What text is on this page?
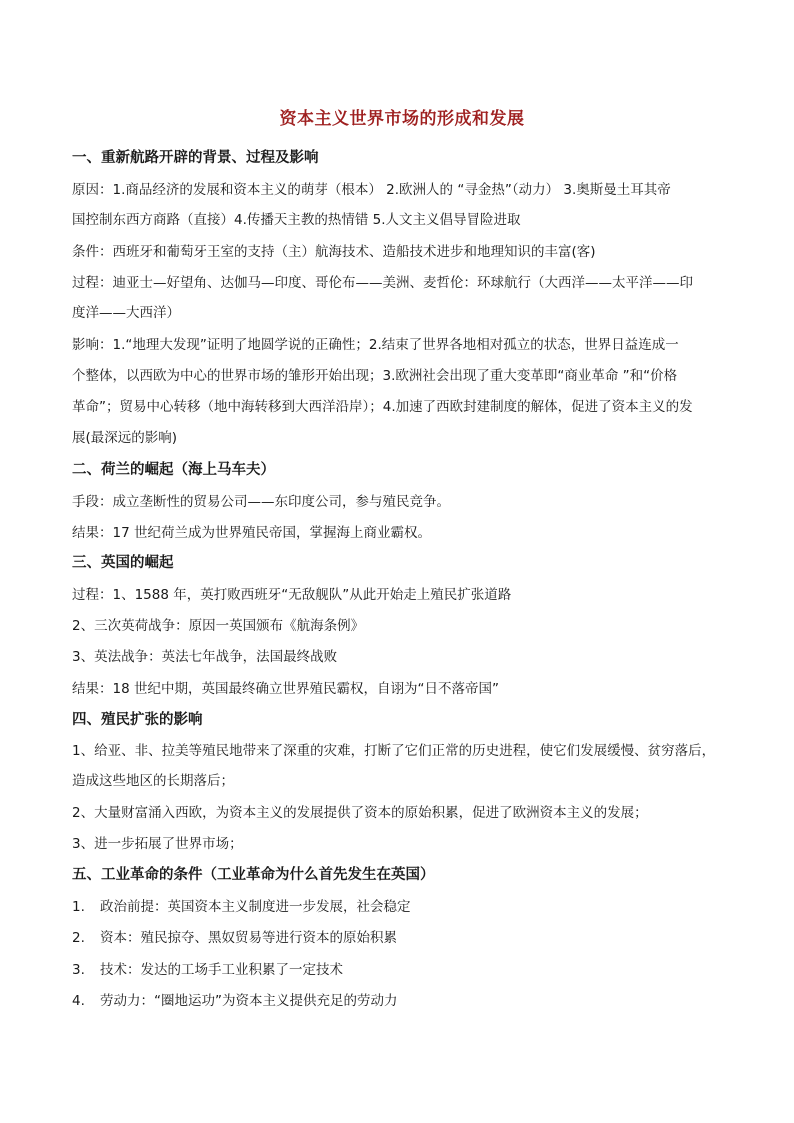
资本主义世界市场的形成和发展
一、重新航路开辟的背景、过程及影响
原因：1.商品经济的发展和资本主义的萌芽（根本） 2.欧洲人的 “寻金热”（动力） 3.奥斯曼土耳其帝
国控制东西方商路（直接）4.传播天主教的热情错 5.人文主义倡导冒险进取
条件：西班牙和葡萄牙王室的支持（主）航海技术、造船技术进步和地理知识的丰富(客)
过程：迪亚士—好望角、达伽马—印度、哥伦布——美洲、麦哲伦：环球航行（大西洋——太平洋——印
度洋——大西洋）
影响：1.“地理大发现”证明了地圆学说的正确性；2.结束了世界各地相对孤立的状态，世界日益连成一
个整体，以西欧为中心的世界市场的雏形开始出现；3.欧洲社会出现了重大变革即“商业革命 ”和“价格
革命”；贸易中心转移（地中海转移到大西洋沿岸）；4.加速了西欧封建制度的解体，促进了资本主义的发
展(最深远的影响)
二、荷兰的崛起（海上马车夫）
手段：成立垄断性的贸易公司——东印度公司，参与殖民竞争。
结果：17 世纪荷兰成为世界殖民帝国，掌握海上商业霸权。
三、英国的崛起
过程：1、1588 年，英打败西班牙“无敌舰队”从此开始走上殖民扩张道路
2、三次英荷战争：原因一英国颁布《航海条例》
3、英法战争：英法七年战争，法国最终战败
结果：18 世纪中期，英国最终确立世界殖民霸权，自诩为“日不落帝国”
四、殖民扩张的影响
1、给亚、非、拉美等殖民地带来了深重的灾难，打断了它们正常的历史进程，使它们发展缓慢、贫穷落后，
造成这些地区的长期落后；
2、大量财富涌入西欧，为资本主义的发展提供了资本的原始积累，促进了欧洲资本主义的发展；
3、进一步拓展了世界市场；
五、工业革命的条件（工业革命为什么首先发生在英国）
1. 政治前提：英国资本主义制度进一步发展，社会稳定
2. 资本：殖民掠夺、黑奴贸易等进行资本的原始积累
3. 技术：发达的工场手工业积累了一定技术
4. 劳动力：“圈地运功”为资本主义提供充足的劳动力
